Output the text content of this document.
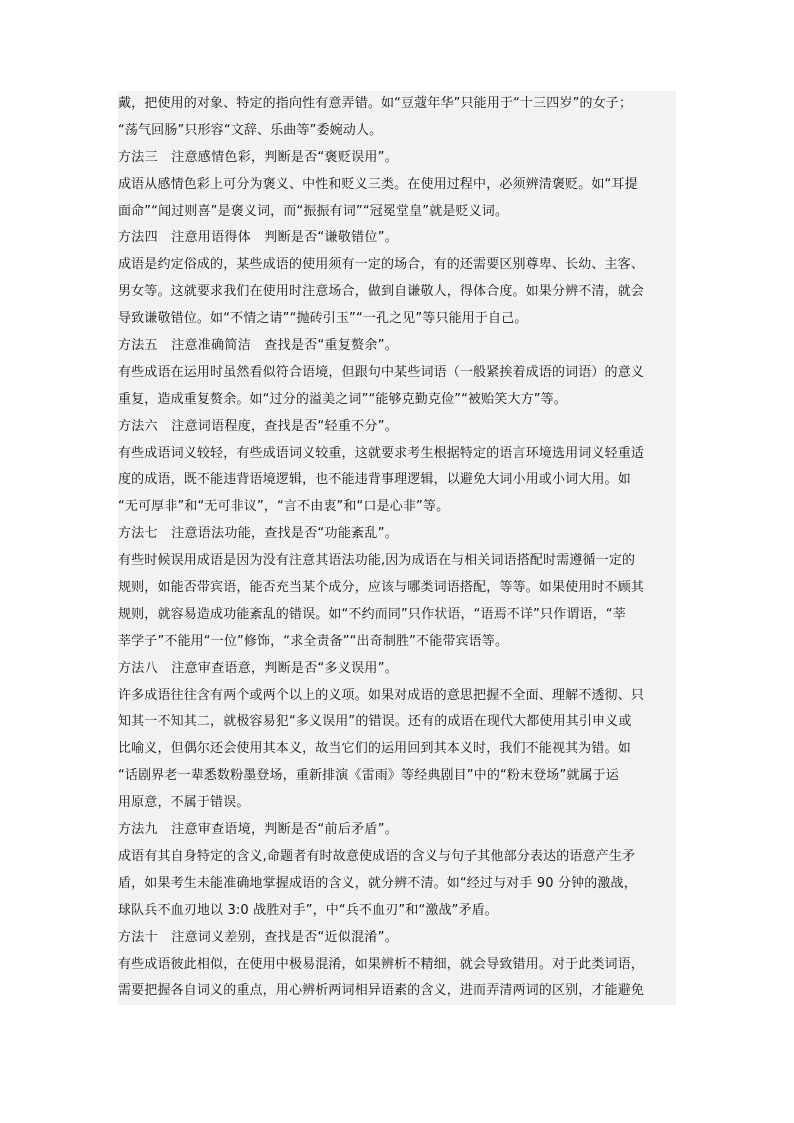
戴，把使用的对象、特定的指向性有意弄错。如“豆蔻年华”只能用于“十三四岁”的女子；
“荡气回肠”只形容“文辞、乐曲等”委婉动人。
方法三　注意感情色彩，判断是否“褒贬误用”。
成语从感情色彩上可分为褒义、中性和贬义三类。在使用过程中，必须辨清褒贬。如“耳提
面命”“闻过则喜”是褒义词，而“振振有词”“冠冕堂皇”就是贬义词。
方法四　注意用语得体　判断是否“谦敬错位”。
成语是约定俗成的，某些成语的使用须有一定的场合，有的还需要区别尊卑、长幼、主客、
男女等。这就要求我们在使用时注意场合，做到自谦敬人，得体合度。如果分辨不清，就会
导致谦敬错位。如“不情之请”“抛砖引玉”“一孔之见”等只能用于自己。
方法五　注意准确简洁　查找是否“重复赘余”。
有些成语在运用时虽然看似符合语境，但跟句中某些词语（一般紧挨着成语的词语）的意义
重复，造成重复赘余。如“过分的溢美之词”“能够克勤克俭”“被贻笑大方”等。
方法六　注意词语程度，查找是否“轻重不分”。
有些成语词义较轻，有些成语词义较重，这就要求考生根据特定的语言环境选用词义轻重适
度的成语，既不能违背语境逻辑，也不能违背事理逻辑，以避免大词小用或小词大用。如
“无可厚非”和“无可非议”，“言不由衷”和“口是心非”等。
方法七　注意语法功能，查找是否“功能紊乱”。
有些时候误用成语是因为没有注意其语法功能,因为成语在与相关词语搭配时需遵循一定的
规则，如能否带宾语，能否充当某个成分，应该与哪类词语搭配，等等。如果使用时不顾其
规则，就容易造成功能紊乱的错误。如“不约而同”只作状语，“语焉不详”只作谓语，“莘
莘学子”不能用“一位”修饰，“求全责备”“出奇制胜”不能带宾语等。
方法八　注意审查语意，判断是否“多义误用”。
许多成语往往含有两个或两个以上的义项。如果对成语的意思把握不全面、理解不透彻、只
知其一不知其二，就极容易犯“多义误用”的错误。还有的成语在现代大都使用其引申义或
比喻义，但偶尔还会使用其本义，故当它们的运用回到其本义时，我们不能视其为错。如
“话剧界老一辈悉数粉墨登场，重新排演《雷雨》等经典剧目”中的“粉末登场”就属于运
用原意，不属于错误。
方法九　注意审查语境，判断是否“前后矛盾”。
成语有其自身特定的含义,命题者有时故意使成语的含义与句子其他部分表达的语意产生矛
盾，如果考生未能准确地掌握成语的含义，就分辨不清。如“经过与对手 90 分钟的激战，
球队兵不血刃地以 3:0 战胜对手”，中“兵不血刃”和“激战”矛盾。
方法十　注意词义差别，查找是否“近似混淆”。
有些成语彼此相似，在使用中极易混淆，如果辨析不精细，就会导致错用。对于此类词语，
需要把握各自词义的重点，用心辨析两词相异语素的含义，进而弄清两词的区别，才能避免
